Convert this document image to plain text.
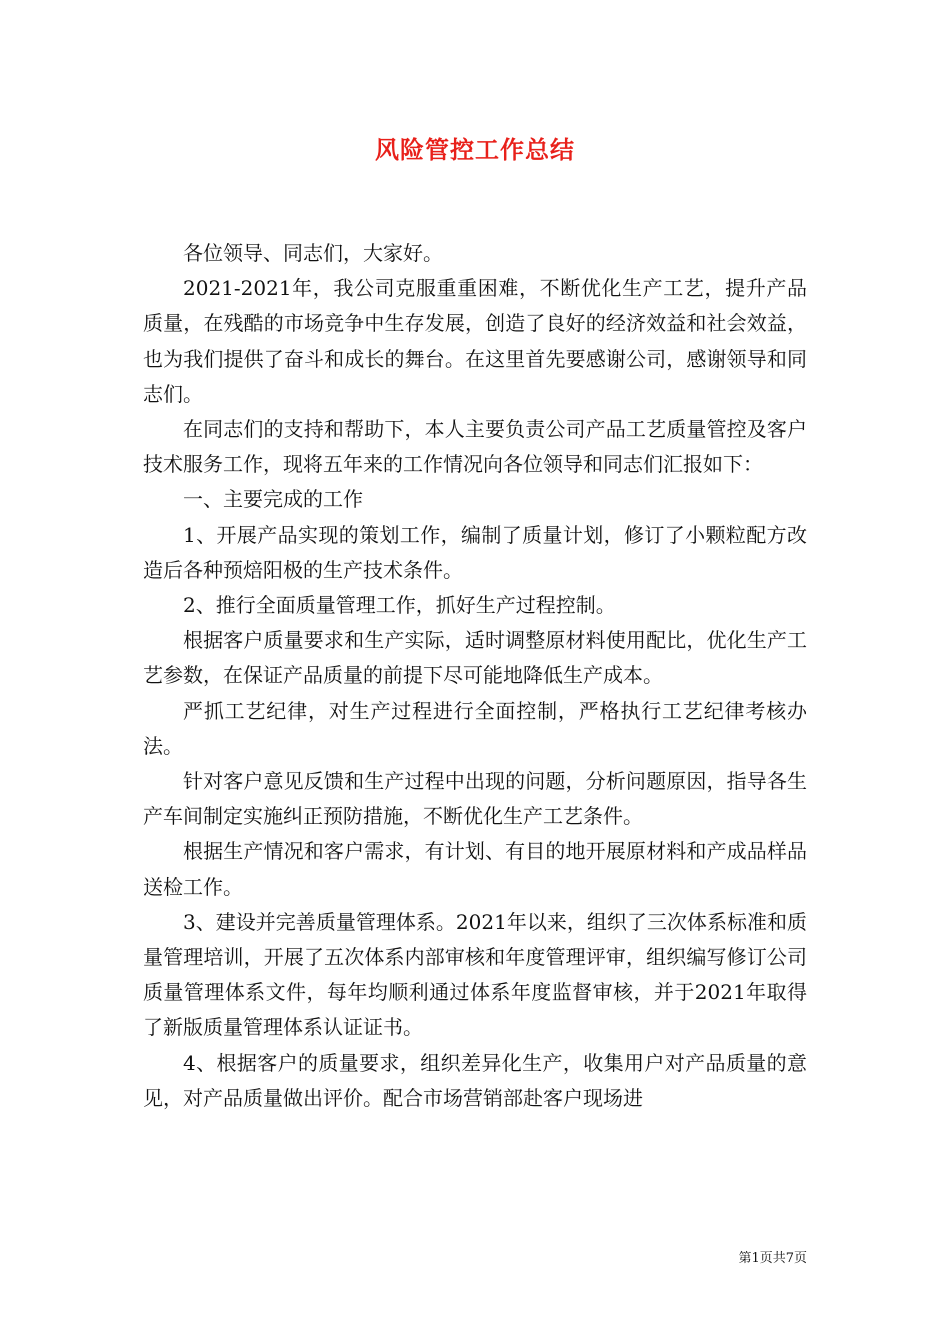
风险管控工作总结

各位领导、同志们，大家好。

2021-2021年，我公司克服重重困难，不断优化生产工艺，提升产品质量，在残酷的市场竞争中生存发展，创造了良好的经济效益和社会效益，也为我们提供了奋斗和成长的舞台。在这里首先要感谢公司，感谢领导和同志们。

在同志们的支持和帮助下，本人主要负责公司产品工艺质量管控及客户技术服务工作，现将五年来的工作情况向各位领导和同志们汇报如下：

一、主要完成的工作

1、开展产品实现的策划工作，编制了质量计划，修订了小颗粒配方改造后各种预焙阳极的生产技术条件。

2、推行全面质量管理工作，抓好生产过程控制。

根据客户质量要求和生产实际，适时调整原材料使用配比，优化生产工艺参数，在保证产品质量的前提下尽可能地降低生产成本。

严抓工艺纪律，对生产过程进行全面控制，严格执行工艺纪律考核办法。

针对客户意见反馈和生产过程中出现的问题，分析问题原因，指导各生产车间制定实施纠正预防措施，不断优化生产工艺条件。

根据生产情况和客户需求，有计划、有目的地开展原材料和产成品样品送检工作。

3、建设并完善质量管理体系。2021年以来，组织了三次体系标准和质量管理培训，开展了五次体系内部审核和年度管理评审，组织编写修订公司质量管理体系文件，每年均顺利通过体系年度监督审核，并于2021年取得了新版质量管理体系认证证书。

4、根据客户的质量要求，组织差异化生产，收集用户对产品质量的意见，对产品质量做出评价。配合市场营销部赴客户现场进

第1页共7页
